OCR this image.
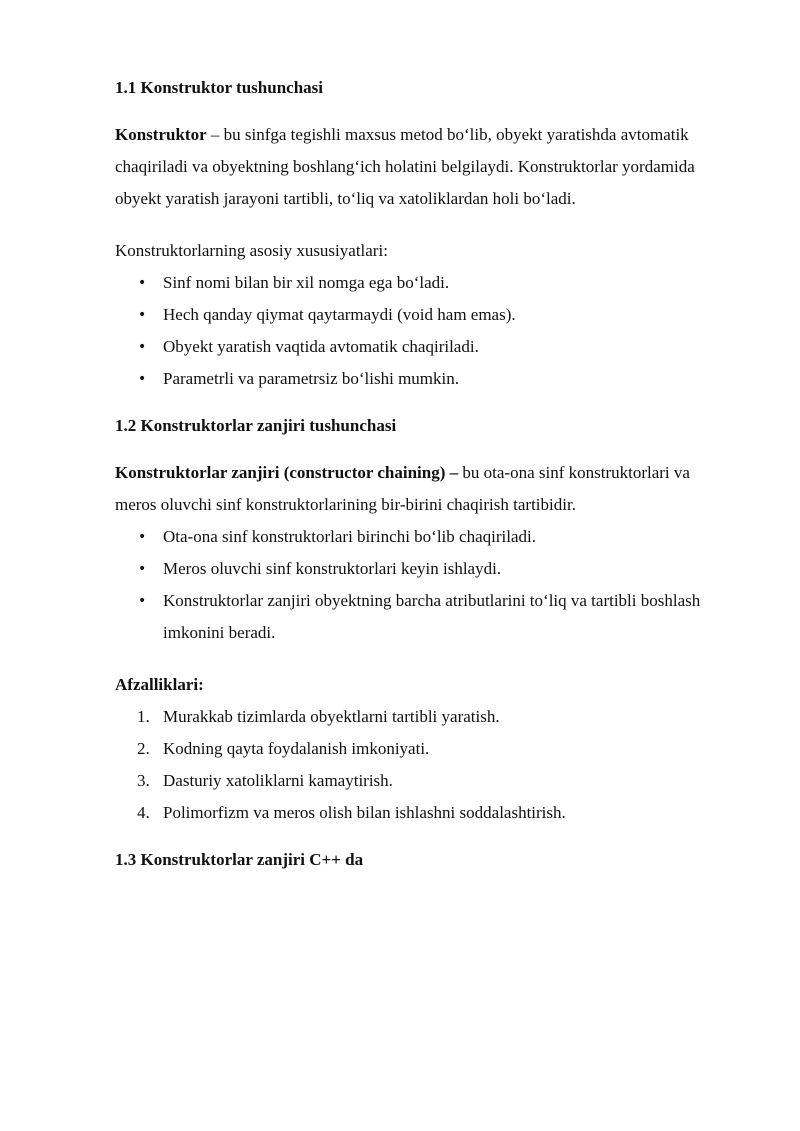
1.1 Konstruktor tushunchasi

Konstruktor – bu sinfga tegishli maxsus metod bo‘lib, obyekt yaratishda avtomatik chaqiriladi va obyektning boshlang‘ich holatini belgilaydi. Konstruktorlar yordamida obyekt yaratish jarayoni tartibli, to‘liq va xatoliklardan holi bo‘ladi.

Konstruktorlarning asosiy xususiyatlari:

• Sinf nomi bilan bir xil nomga ega bo‘ladi.
• Hech qanday qiymat qaytarmaydi (void ham emas).
• Obyekt yaratish vaqtida avtomatik chaqiriladi.
• Parametrli va parametrsiz bo‘lishi mumkin.
1.2 Konstruktorlar zanjiri tushunchasi

Konstruktorlar zanjiri (constructor chaining) – bu ota-ona sinf konstruktorlari va meros oluvchi sinf konstruktorlarining bir-birini chaqirish tartibidir.

• Ota-ona sinf konstruktorlari birinchi bo‘lib chaqiriladi.
• Meros oluvchi sinf konstruktorlari keyin ishlaydi.
• Konstruktorlar zanjiri obyektning barcha atributlarini to‘liq va tartibli boshlash imkonini beradi.

Afzalliklari:

1. Murakkab tizimlarda obyektlarni tartibli yaratish.
2. Kodning qayta foydalanish imkoniyati.
3. Dasturiy xatoliklarni kamaytirish.
4. Polimorfizm va meros olish bilan ishlashni soddalashtirish.
1.3 Konstruktorlar zanjiri C++ da
